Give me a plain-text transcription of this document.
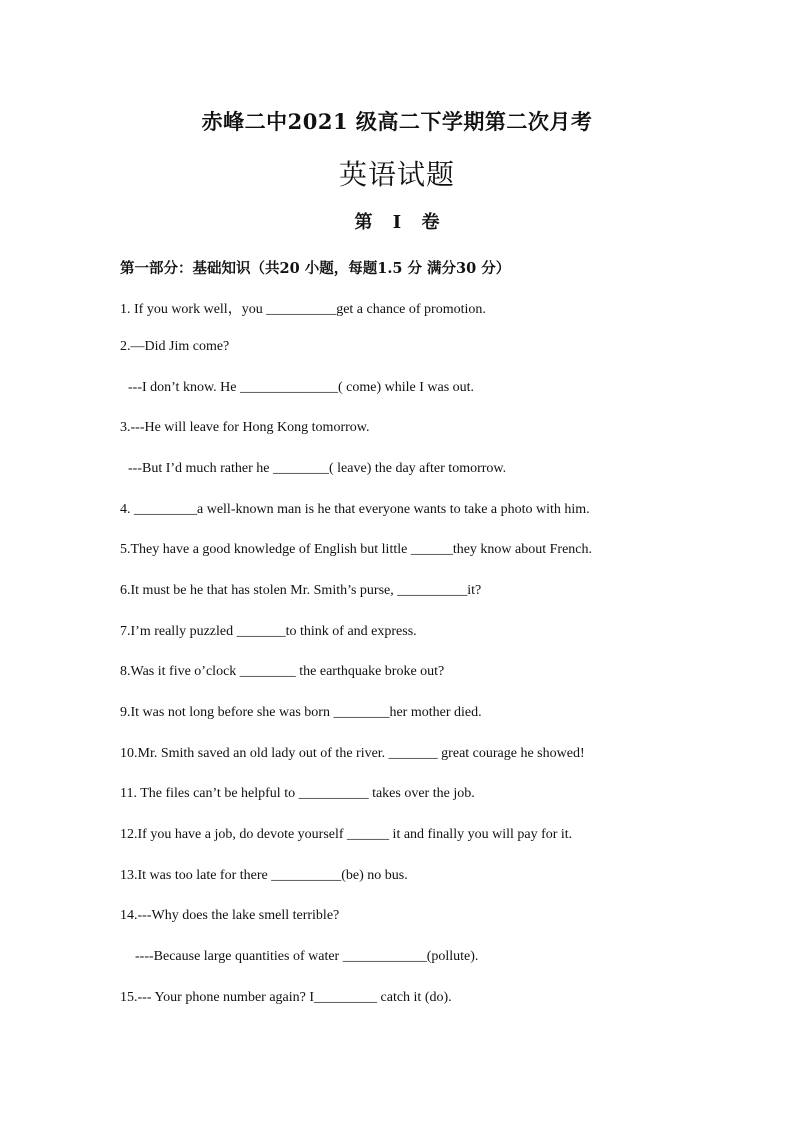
赤峰二中2021 级高二下学期第二次月考
英语试题
第 Ⅰ 卷
第一部分：基础知识（共20 小题，每题1.5 分 满分30 分）
1. If you work well，you __________get a chance of promotion.
2.—Did Jim come?
---I don’t know. He ______________( come) while I was out.
3.---He will leave for Hong Kong tomorrow.
---But I’d much rather he ________( leave) the day after tomorrow.
4. _________a well-known man is he that everyone wants to take a photo with him.
5.They have a good knowledge of English but little ______they know about French.
6.It must be he that has stolen Mr. Smith’s purse, __________it?
7.I’m really puzzled _______to think of and express.
8.Was it five o’clock ________ the earthquake broke out?
9.It was not long before she was born ________her mother died.
10.Mr. Smith saved an old lady out of the river. _______ great courage he showed!
11. The files can’t be helpful to __________ takes over the job.
12.If you have a job, do devote yourself ______ it and finally you will pay for it.
13.It was too late for there __________(be) no bus.
14.---Why does the lake smell terrible?
----Because large quantities of water ____________(pollute).
15.--- Your phone number again? I_________ catch it (do).
